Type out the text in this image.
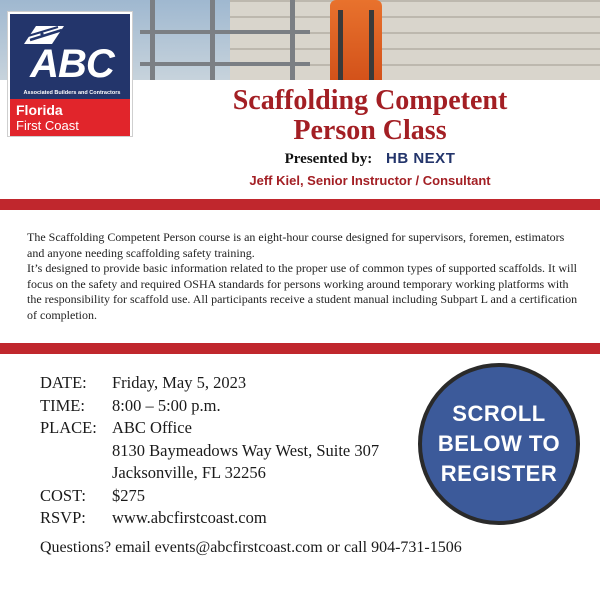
ABC
Associated Builders and Contractors
Florida
First Coast
Scaffolding Competent
Person Class
Presented by: HB NEXT
Jeff Kiel, Senior Instructor / Consultant

The Scaffolding Competent Person course is an eight-hour course designed for supervisors, foremen, estimators and anyone needing scaffolding safety training.

It’s designed to provide basic information related to the proper use of common types of supported scaffolds. It will focus on the safety and required OSHA standards for persons working around temporary working platforms with the responsibility for scaffold use. All participants receive a student manual including Subpart L and a certification of completion.

DATE:	Friday, May 5, 2023
TIME:	8:00 – 5:00 p.m.
PLACE: ABC Office
8130 Baymeadows Way West, Suite 307
Jacksonville, FL 32256
COST:	$275
RSVP:	www.abcfirstcoast.com
Questions? email events@abcfirstcoast.com or call 904-731-1506
SCROLL
BELOW TO
REGISTER
